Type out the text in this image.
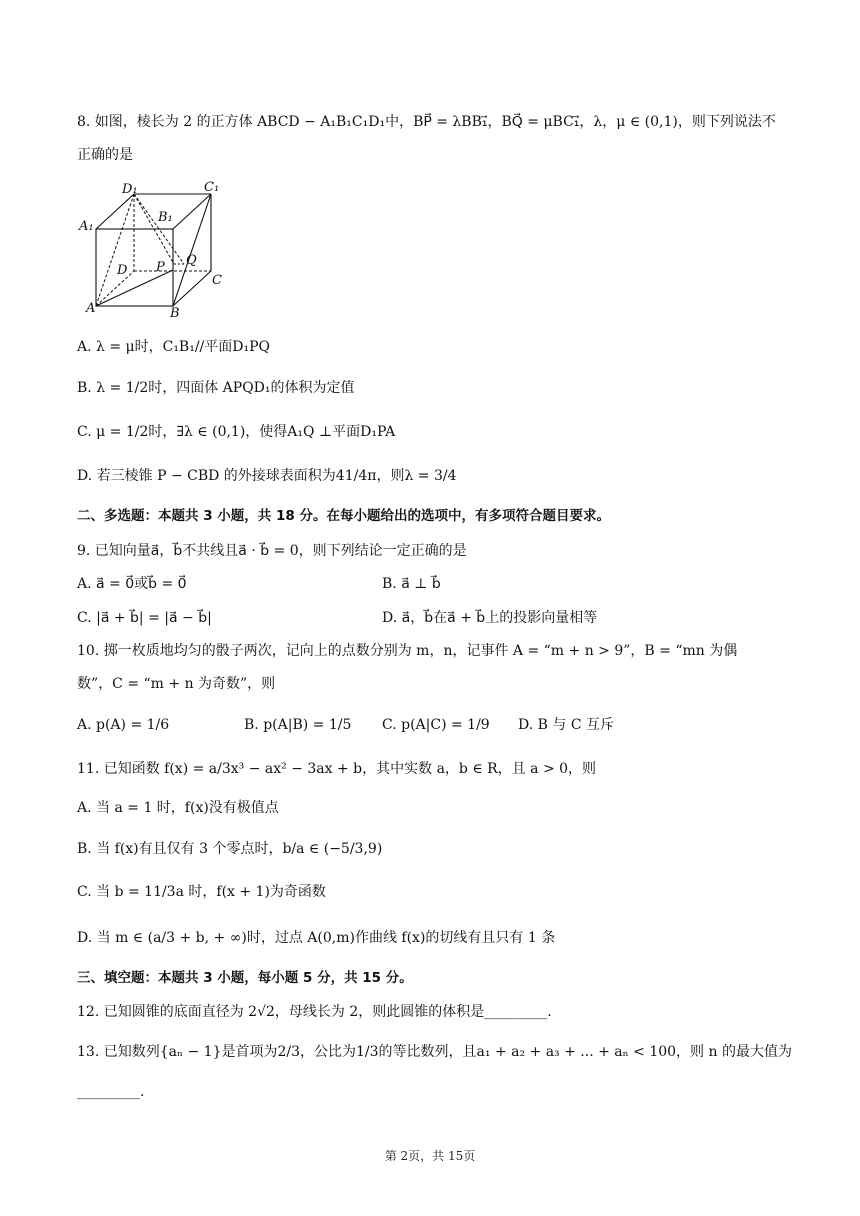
8. 如图，棱长为 2 的正方体 ABCD − A₁B₁C₁D₁中，BP⃗ = λBB₁⃗，BQ⃗ = μBC₁⃗，λ，μ ∈ (0,1)，则下列说法不
正确的是
D₁	C₁
A₁
B₁
D P Q
C
A	B
A. λ = μ时，C₁B₁//平面D₁PQ
B. λ = 1/2时，四面体 APQD₁的体积为定值
C. μ = 1/2时，∃λ ∈ (0,1)，使得A₁Q ⊥平面D₁PA
D. 若三棱锥 P − CBD 的外接球表面积为41/4π，则λ = 3/4
二、多选题：本题共 3 小题，共 18 分。在每小题给出的选项中，有多项符合题目要求。
9. 已知向量a⃗，b⃗不共线且a⃗ · b⃗ = 0，则下列结论一定正确的是
A. a⃗ = 0⃗或b⃗ = 0⃗	B. a⃗ ⊥ b⃗
C. |a⃗ + b⃗| = |a⃗ − b⃗|	D. a⃗，b⃗在a⃗ + b⃗上的投影向量相等
10. 掷一枚质地均匀的骰子两次，记向上的点数分别为 m，n，记事件 A = “m + n > 9”，B = “mn 为偶
数”，C = “m + n 为奇数”，则
A. p(A) = 1/6	B. p(A|B) = 1/5 C. p(A|C) = 1/9 D. B 与 C 互斥
11. 已知函数 f(x) = a/3x³ − ax² − 3ax + b，其中实数 a，b ∈ R，且 a > 0，则
A. 当 a = 1 时，f(x)没有极值点
B. 当 f(x)有且仅有 3 个零点时，b/a ∈ (−5/3,9)
C. 当 b = 11/3a 时，f(x + 1)为奇函数
D. 当 m ∈ (a/3 + b, + ∞)时，过点 A(0,m)作曲线 f(x)的切线有且只有 1 条
三、填空题：本题共 3 小题，每小题 5 分，共 15 分。
12. 已知圆锥的底面直径为 2√2，母线长为 2，则此圆锥的体积是_________.
13. 已知数列{aₙ − 1}是首项为2/3，公比为1/3的等比数列，且a₁ + a₂ + a₃ + ... + aₙ < 100，则 n 的最大值为
_________.
第 2页，共 15页
